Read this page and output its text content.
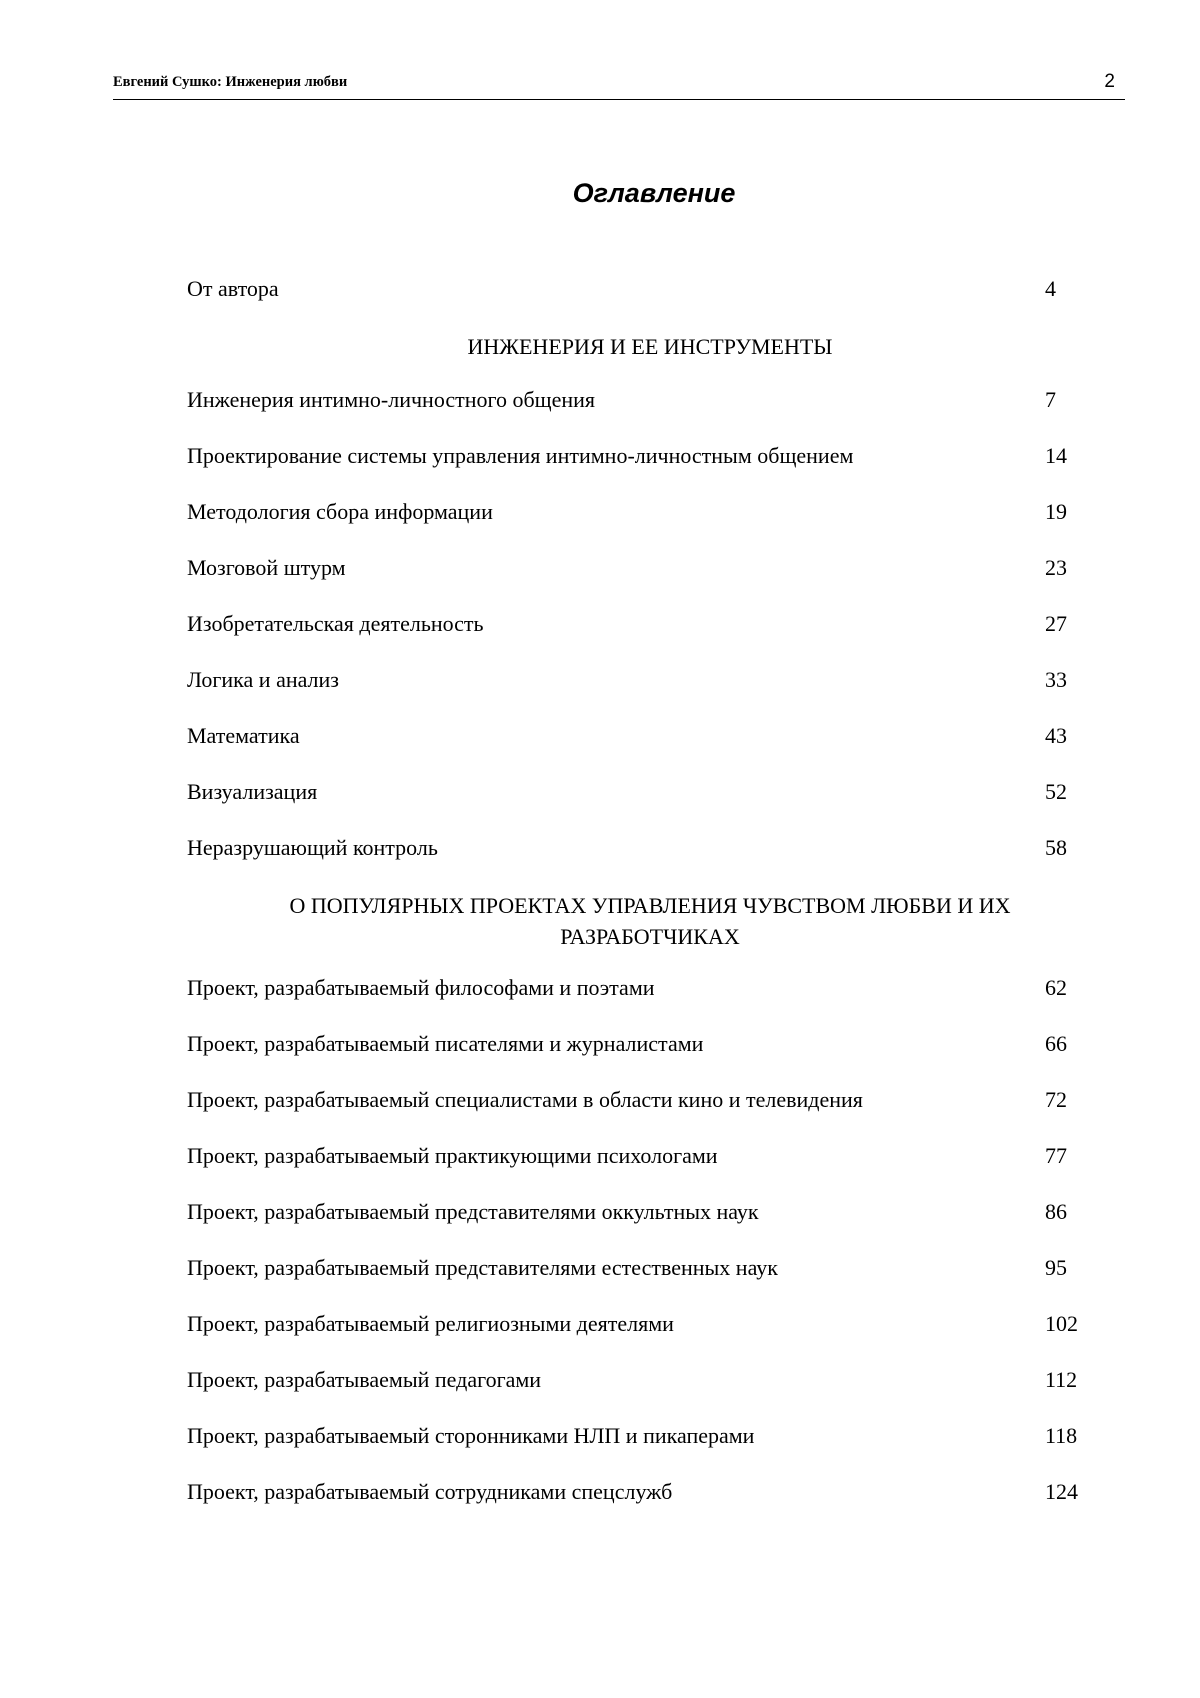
Евгений Сушко: Инженерия любви	2
Оглавление
От автора	4
ИНЖЕНЕРИЯ И ЕЕ ИНСТРУМЕНТЫ
Инженерия интимно-личностного общения	7
Проектирование системы управления интимно-личностным общением	14
Методология сбора информации	19
Мозговой штурм	23
Изобретательская деятельность	27
Логика и анализ	33
Математика	43
Визуализация	52
Неразрушающий контроль	58
О ПОПУЛЯРНЫХ ПРОЕКТАХ УПРАВЛЕНИЯ ЧУВСТВОМ ЛЮБВИ И ИХ
РАЗРАБОТЧИКАХ
Проект, разрабатываемый философами и поэтами	62
Проект, разрабатываемый писателями и журналистами	66
Проект, разрабатываемый специалистами в области кино и телевидения	72
Проект, разрабатываемый практикующими психологами	77
Проект, разрабатываемый представителями оккультных наук	86
Проект, разрабатываемый представителями естественных наук	95
Проект, разрабатываемый религиозными деятелями	102
Проект, разрабатываемый педагогами	112
Проект, разрабатываемый сторонниками НЛП и пикаперами	118
Проект, разрабатываемый сотрудниками спецслужб	124
